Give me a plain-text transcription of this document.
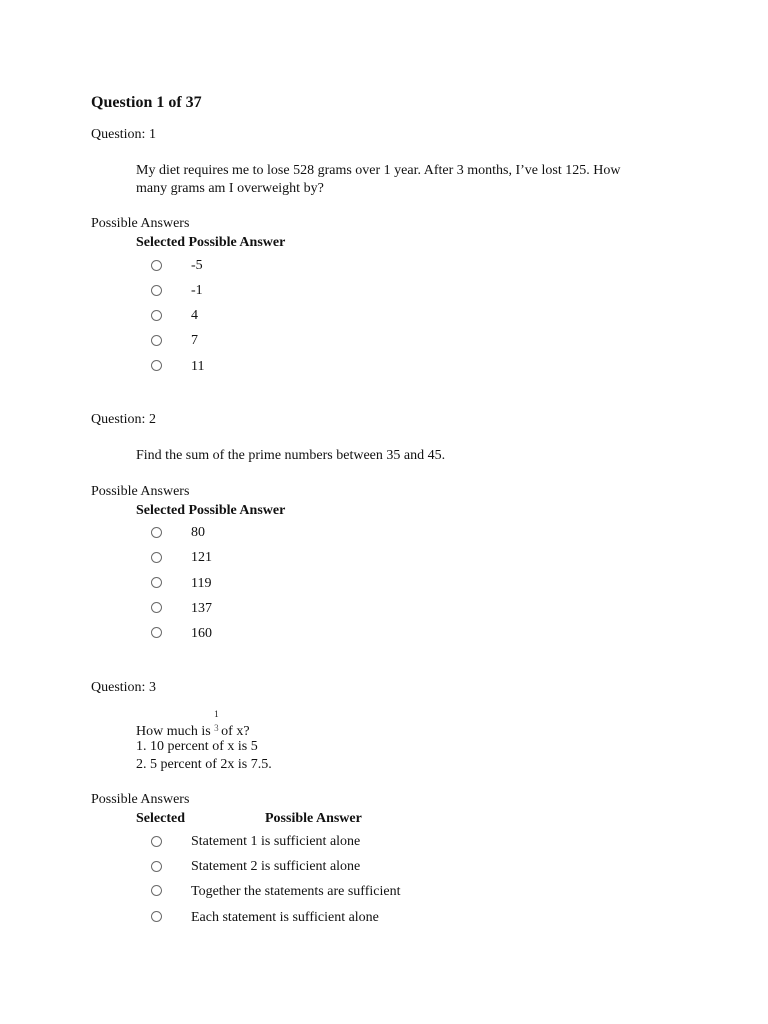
Question 1 of 37
Question: 1
My diet requires me to lose 528 grams over 1 year. After 3 months, I’ve lost 125. How
many grams am I overweight by?
Possible Answers
Selected Possible Answer
-5
-1
4
7
11
Question: 2
Find the sum of the prime numbers between 35 and 45.
Possible Answers
Selected Possible Answer
80
121
119
137
160
Question: 3
How much is
1
3 of x?
1. 10 percent of x is 5
2. 5 percent of 2x is 7.5.
Possible Answers
Selected	Possible Answer
Statement 1 is sufficient alone
Statement 2 is sufficient alone
Together the statements are sufficient
Each statement is sufficient alone
